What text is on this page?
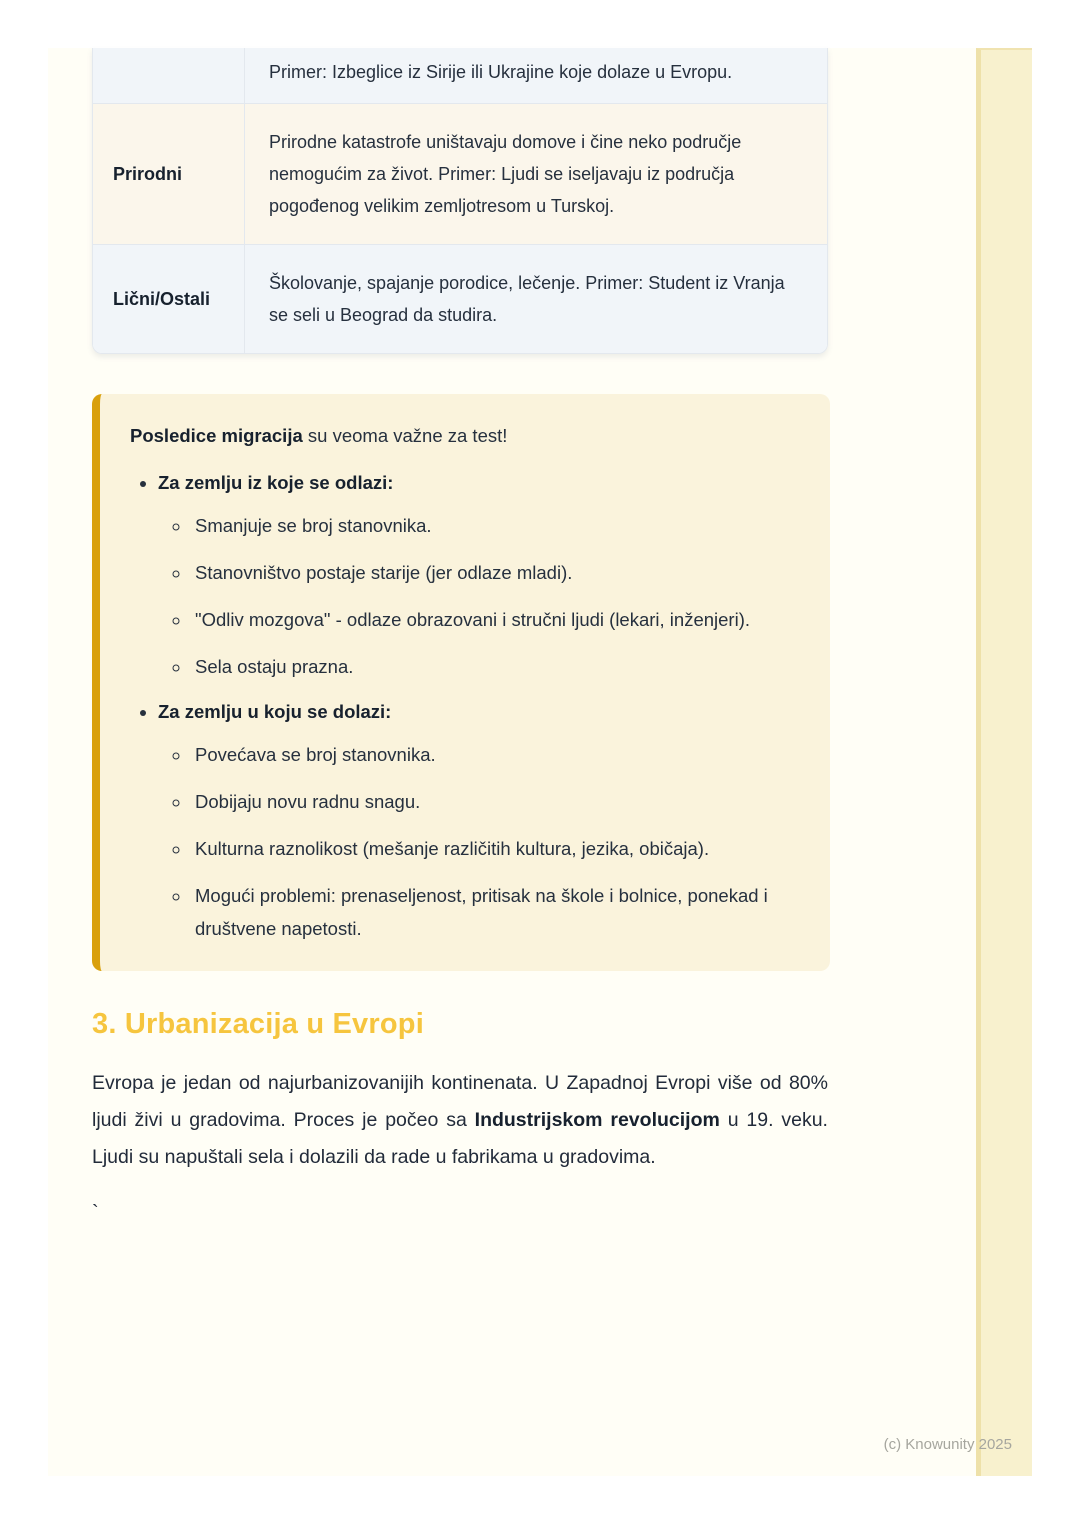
Primer: Izbeglice iz Sirije ili Ukrajine koje dolaze u Evropu.
Prirodni
Prirodne katastrofe uništavaju domove i čine neko područje nemogućim za život. Primer: Ljudi se iseljavaju iz područja pogođenog velikim zemljotresom u Turskoj.
Lični/Ostali
Školovanje, spajanje porodice, lečenje. Primer: Student iz Vranja se seli u Beograd da studira.
Posledice migracija su veoma važne za test!
• Za zemlju iz koje se odlazi:
◦ Smanjuje se broj stanovnika.
◦ Stanovništvo postaje starije (jer odlaze mladi).
◦ "Odliv mozgova" - odlaze obrazovani i stručni ljudi (lekari, inženjeri).
◦ Sela ostaju prazna.
• Za zemlju u koju se dolazi:
◦ Povećava se broj stanovnika.
◦ Dobijaju novu radnu snagu.
◦ Kulturna raznolikost (mešanje različitih kultura, jezika, običaja).
◦ Mogući problemi: prenaseljenost, pritisak na škole i bolnice, ponekad i društvene napetosti.
3. Urbanizacija u Evropi

Evropa je jedan od najurbanizovanijih kontinenata. U Zapadnoj Evropi više od 80% ljudi živi u gradovima. Proces je počeo sa Industrijskom revolucijom u 19. veku. Ljudi su napuštali sela i dolazili da rade u fabrikama u gradovima.

`
(c) Knowunity 2025
